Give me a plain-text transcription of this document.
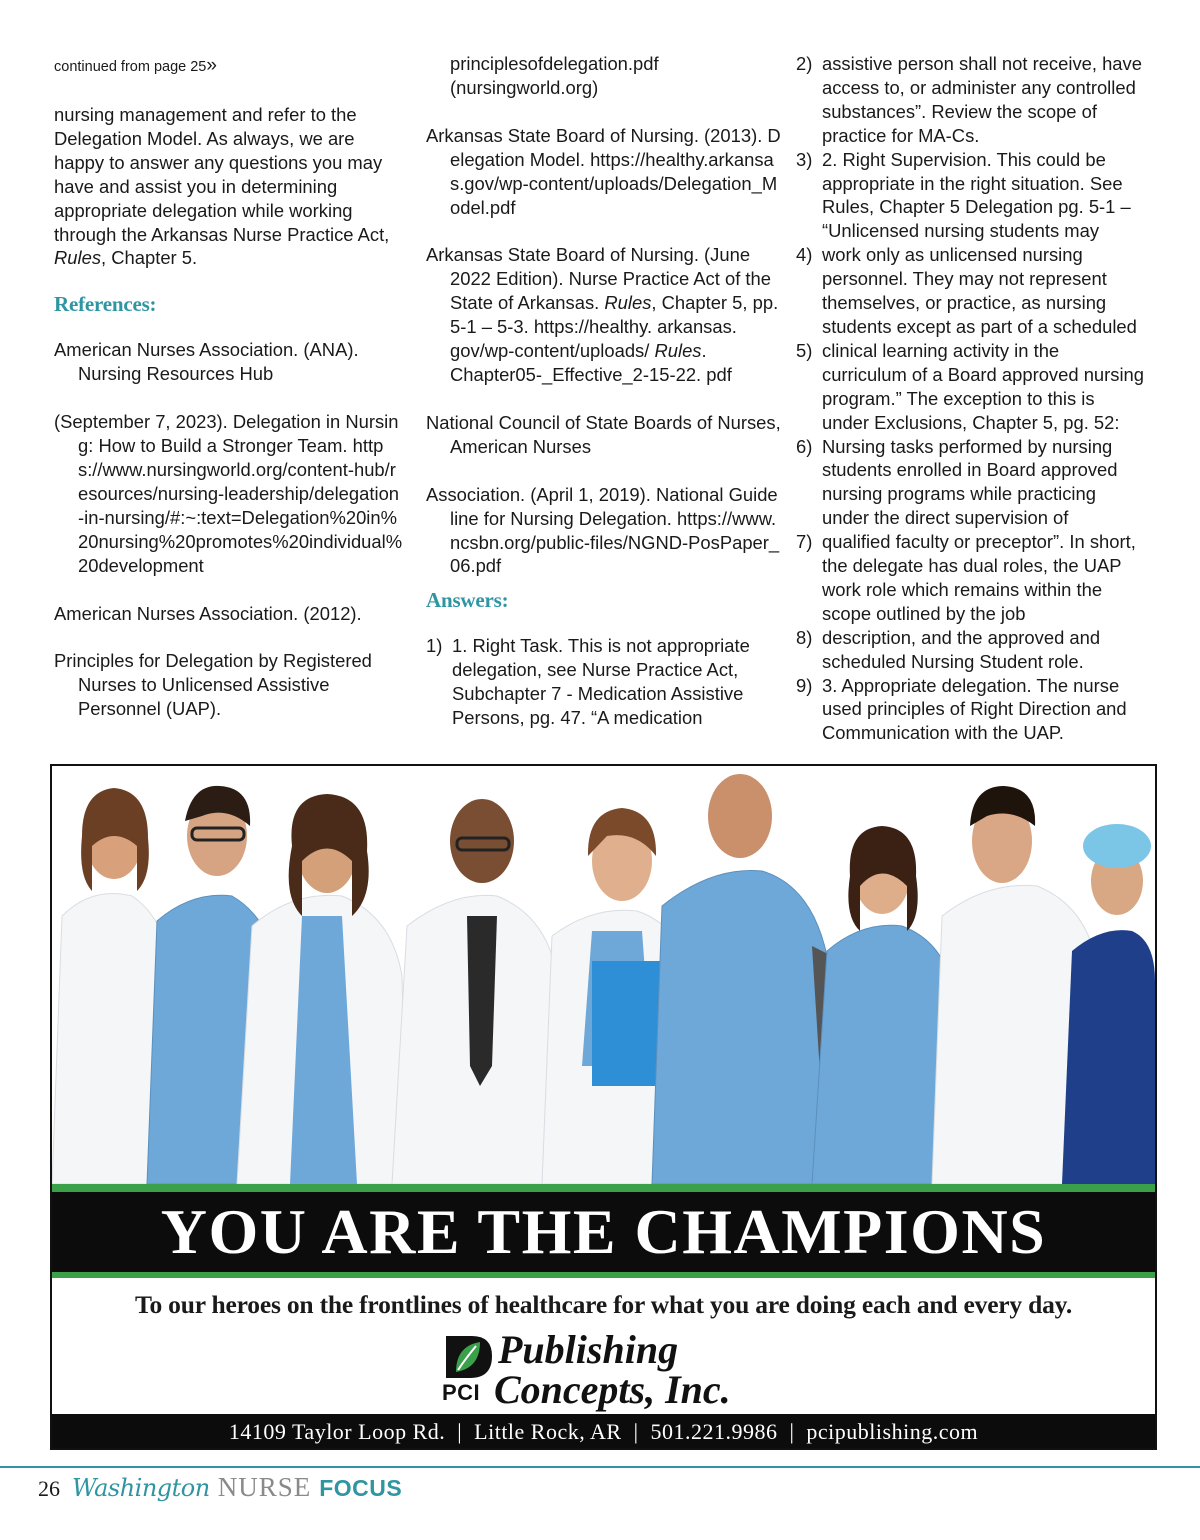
continued from page 25»

nursing management and refer to the Delegation Model. As always, we are happy to answer any questions you may have and assist you in determining appropriate delegation while working through the Arkansas Nurse Practice Act, Rules, Chapter 5.

References:

American Nurses Association. (ANA). Nursing Resources Hub

(September 7, 2023). Delegation in Nursing: How to Build a Stronger Team. https://www.nursingworld.org/content-hub/resources/nursing-leadership/delegation-in-nursing/#:~:text=Delegation%20in%20nursing%20promotes%20individual%20development

American Nurses Association. (2012).

Principles for Delegation by Registered Nurses to Unlicensed Assistive Personnel (UAP).

principlesofdelegation.pdf (nursingworld.org)

Arkansas State Board of Nursing. (2013). Delegation Model. https://healthy.arkansas.gov/wp-content/uploads/Delegation_Model.pdf

Arkansas State Board of Nursing. (June 2022 Edition). Nurse Practice Act of the State of Arkansas. Rules, Chapter 5, pp. 5-1 – 5-3. https://healthy. arkansas. gov/wp-content/uploads/ Rules. Chapter05-_Effective_2-15-22. pdf

National Council of State Boards of Nurses, American Nurses

Association. (April 1, 2019). National Guideline for Nursing Delegation. https://www.ncsbn.org/public-files/NGND-PosPaper_06.pdf

Answers:
1) 1. Right Task. This is not appropriate delegation, see Nurse Practice Act, Subchapter 7 - Medication Assistive Persons, pg. 47. “A medication
2) assistive person shall not receive, have access to, or administer any controlled substances”. Review the scope of practice for MA-Cs.
3) 2. Right Supervision. This could be appropriate in the right situation. See Rules, Chapter 5 Delegation pg. 5-1 – “Unlicensed nursing students may
4) work only as unlicensed nursing personnel. They may not represent themselves, or practice, as nursing students except as part of a scheduled
5) clinical learning activity in the curriculum of a Board approved nursing program.” The exception to this is under Exclusions, Chapter 5, pg. 52:
6) Nursing tasks performed by nursing students enrolled in Board approved nursing programs while practicing under the direct supervision of
7) qualified faculty or preceptor”. In short, the delegate has dual roles, the UAP work role which remains within the scope outlined by the job
8) description, and the approved and scheduled Nursing Student role.
9) 3. Appropriate delegation. The nurse used principles of Right Direction and Communication with the UAP.
YOU ARE THE CHAMPIONS
To our heroes on the frontlines of healthcare for what you are doing each and every day.
PCI
Publishing
Concepts, Inc.
14109 Taylor Loop Rd. | Little Rock, AR | 501.221.9986 | pcipublishing.com
26 Washington NURSE FOCUS
